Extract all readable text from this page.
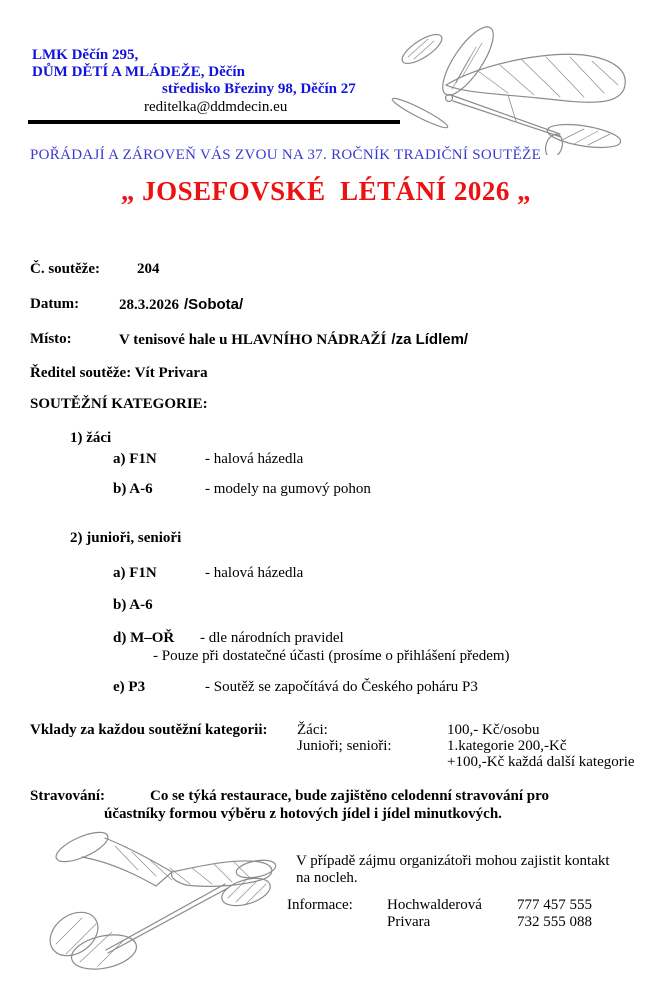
LMK Děčín 295,
DŮM DĚTÍ A MLÁDEŽE, Děčín
středisko Březiny 98, Děčín 27
reditelka@ddmdecin.eu
POŘÁDAJÍ A ZÁROVEŇ VÁS ZVOU NA 37. ROČNÍK TRADIČNÍ SOUTĚŽE
„ JOSEFOVSKÉ  LÉTÁNÍ 2026 „
Č. soutěže: 204
Datum:	28.3.2026 /Sobota/
Místo:	V tenisové hale u HLAVNÍHO NÁDRAŽÍ /za Lídlem/
Ředitel soutěže: Vít Privara
SOUTĚŽNÍ KATEGORIE:
1) žáci
a) F1N	- halová házedla
b) A-6	- modely na gumový pohon
2) junioři, senioři
a) F1N	- halová házedla
b) A-6
d) M–OŘ - dle národních pravidel
- Pouze při dostatečné účasti (prosíme o přihlášení předem)
e) P3	- Soutěž se započítává do Českého poháru P3
Vklady za každou soutěžní kategorii: Žáci:	100,- Kč/osobu
Junioři; senioři:	1.kategorie 200,-Kč
+100,-Kč každá další kategorie
Stravování:	Co se týká restaurace, bude zajištěno celodenní stravování pro
účastníky formou výběru z hotových jídel i jídel minutkových.
V případě zájmu organizátoři mohou zajistit kontakt
na nocleh.
Informace: Hochwalderová 777 457 555
Privara	732 555 088
